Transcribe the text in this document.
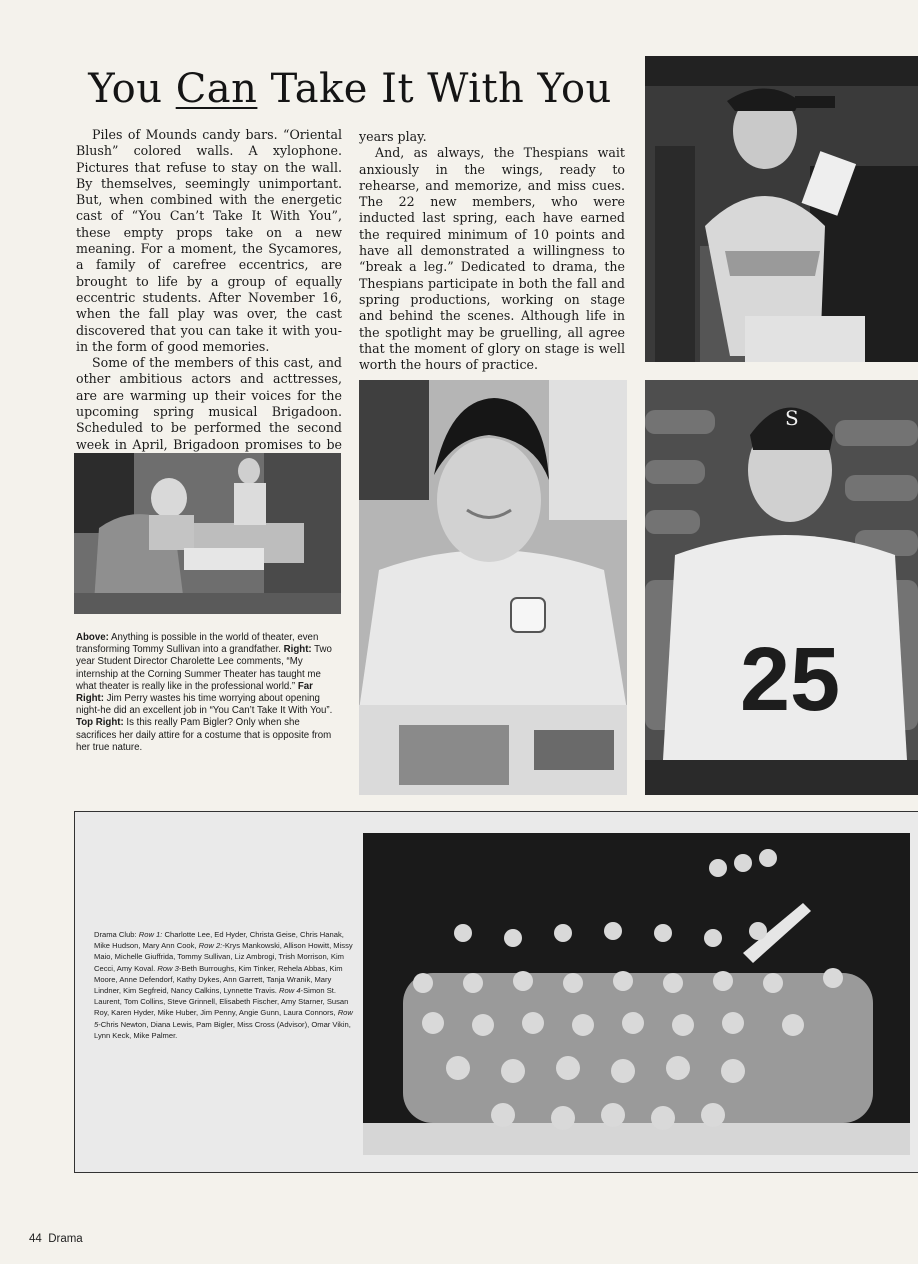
You Can Take It With You

Piles of Mounds candy bars. “Oriental Blush” colored walls. A xylophone. Pictures that refuse to stay on the wall. By themselves, seemingly unimportant. But, when combined with the energetic cast of “You Can’t Take It With You”, these empty props take on a new meaning. For a moment, the Sycamores, a family of carefree eccentrics, are brought to life by a group of equally eccentric students. After November 16, when the fall play was over, the cast discovered that you can take it with you- in the form of good memories.

Some of the members of this cast, and other ambitious actors and acttresses, are are warming up their voices for the upcoming spring musical Brigadoon. Scheduled to be performed the second week in April, Brigadoon promises to be

years play.

And, as always, the Thespians wait anxiously in the wings, ready to rehearse, and memorize, and miss cues. The 22 new members, who were inducted last spring, each have earned the required minimum of 10 points and have all demonstrated a willingness to “break a leg.” Dedicated to drama, the Thespians participate in both the fall and spring productions, working on stage and behind the scenes. Although life in the spotlight may be gruelling, all agree that the moment of glory on stage is well worth the hours of practice.

Above: Anything is possible in the world of theater, even transforming Tommy Sullivan into a grandfather. Right: Two year Student Director Charolette Lee comments, “My internship at the Corning Summer Theater has taught me what theater is really like in the professional world.” Far Right: Jim Perry wastes his time worrying about opening night-he did an excellent job in “You Can’t Take It With You”. Top Right: Is this really Pam Bigler? Only when she sacrifices her daily attire for a costume that is opposite from her true nature.
S
25
Drama Club: Row 1: Charlotte Lee, Ed Hyder, Christa Geise, Chris Hanak, Mike Hudson, Mary Ann Cook, Row 2:-Krys Mankowski, Allison Howitt, Missy Maio, Michelle Giuffrida, Tommy Sullivan, Liz Ambrogi, Trish Morrison, Kim Cecci, Amy Koval. Row 3-Beth Burroughs, Kim Tinker, Rehela Abbas, Kim Moore, Anne Defendorf, Kathy Dykes, Ann Garrett, Tanja Wranik, Mary Lindner, Kim Segfreid, Nancy Calkins, Lynnette Travis. Row 4-Simon St. Laurent, Tom Collins, Steve Grinnell, Elisabeth Fischer, Amy Starner, Susan Roy, Karen Hyder, Mike Huber, Jim Penny, Angie Gunn, Laura Connors, Row 5-Chris Newton, Diana Lewis, Pam Bigler, Miss Cross (Advisor), Omar Vikin, Lynn Keck, Mike Palmer.
44 Drama
